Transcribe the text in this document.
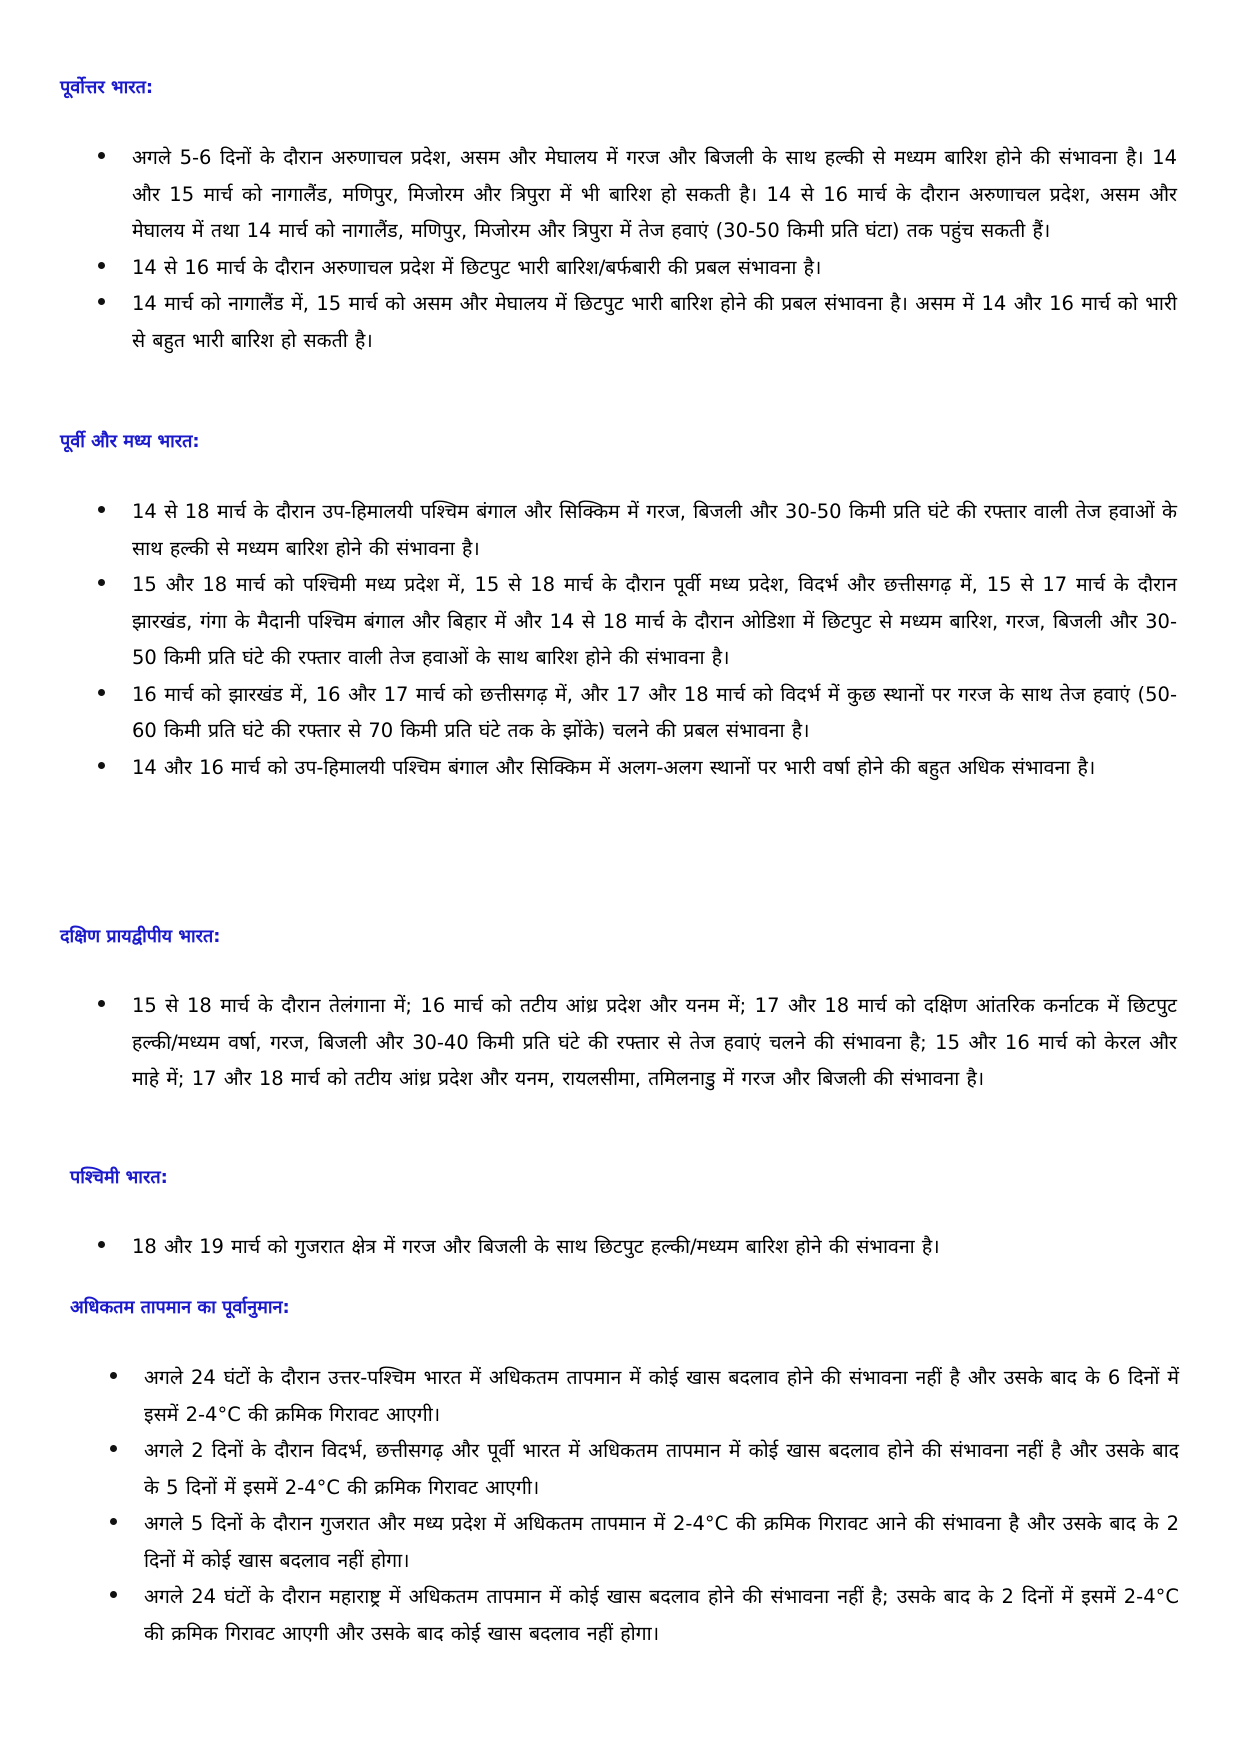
पूर्वोत्तर भारत:
अगले 5-6 दिनों के दौरान अरुणाचल प्रदेश, असम और मेघालय में गरज और बिजली के साथ हल्की से मध्यम बारिश होने की संभावना है। 14 और 15 मार्च को नागालैंड, मणिपुर, मिजोरम और त्रिपुरा में भी बारिश हो सकती है। 14 से 16 मार्च के दौरान अरुणाचल प्रदेश, असम और मेघालय में तथा 14 मार्च को नागालैंड, मणिपुर, मिजोरम और त्रिपुरा में तेज हवाएं (30-50 किमी प्रति घंटा) तक पहुंच सकती हैं।
14 से 16 मार्च के दौरान अरुणाचल प्रदेश में छिटपुट भारी बारिश/बर्फबारी की प्रबल संभावना है।
14 मार्च को नागालैंड में, 15 मार्च को असम और मेघालय में छिटपुट भारी बारिश होने की प्रबल संभावना है। असम में 14 और 16 मार्च को भारी से बहुत भारी बारिश हो सकती है।
पूर्वी और मध्य भारत:
14 से 18 मार्च के दौरान उप-हिमालयी पश्चिम बंगाल और सिक्किम में गरज, बिजली और 30-50 किमी प्रति घंटे की रफ्तार वाली तेज हवाओं के साथ हल्की से मध्यम बारिश होने की संभावना है।
15 और 18 मार्च को पश्चिमी मध्य प्रदेश में, 15 से 18 मार्च के दौरान पूर्वी मध्य प्रदेश, विदर्भ और छत्तीसगढ़ में, 15 से 17 मार्च के दौरान झारखंड, गंगा के मैदानी पश्चिम बंगाल और बिहार में और 14 से 18 मार्च के दौरान ओडिशा में छिटपुट से मध्यम बारिश, गरज, बिजली और 30-50 किमी प्रति घंटे की रफ्तार वाली तेज हवाओं के साथ बारिश होने की संभावना है।
16 मार्च को झारखंड में, 16 और 17 मार्च को छत्तीसगढ़ में, और 17 और 18 मार्च को विदर्भ में कुछ स्थानों पर गरज के साथ तेज हवाएं (50-60 किमी प्रति घंटे की रफ्तार से 70 किमी प्रति घंटे तक के झोंके) चलने की प्रबल संभावना है।
14 और 16 मार्च को उप-हिमालयी पश्चिम बंगाल और सिक्किम में अलग-अलग स्थानों पर भारी वर्षा होने की बहुत अधिक संभावना है।
दक्षिण प्रायद्वीपीय भारत:
15 से 18 मार्च के दौरान तेलंगाना में; 16 मार्च को तटीय आंध्र प्रदेश और यनम में; 17 और 18 मार्च को दक्षिण आंतरिक कर्नाटक में छिटपुट हल्की/मध्यम वर्षा, गरज, बिजली और 30-40 किमी प्रति घंटे की रफ्तार से तेज हवाएं चलने की संभावना है; 15 और 16 मार्च को केरल और माहे में; 17 और 18 मार्च को तटीय आंध्र प्रदेश और यनम, रायलसीमा, तमिलनाडु में गरज और बिजली की संभावना है।
पश्चिमी भारत:
18 और 19 मार्च को गुजरात क्षेत्र में गरज और बिजली के साथ छिटपुट हल्की/मध्यम बारिश होने की संभावना है।
अधिकतम तापमान का पूर्वानुमान:
अगले 24 घंटों के दौरान उत्तर-पश्चिम भारत में अधिकतम तापमान में कोई खास बदलाव होने की संभावना नहीं है और उसके बाद के 6 दिनों में इसमें 2-4°C की क्रमिक गिरावट आएगी।
अगले 2 दिनों के दौरान विदर्भ, छत्तीसगढ़ और पूर्वी भारत में अधिकतम तापमान में कोई खास बदलाव होने की संभावना नहीं है और उसके बाद के 5 दिनों में इसमें 2-4°C की क्रमिक गिरावट आएगी।
अगले 5 दिनों के दौरान गुजरात और मध्य प्रदेश में अधिकतम तापमान में 2-4°C की क्रमिक गिरावट आने की संभावना है और उसके बाद के 2 दिनों में कोई खास बदलाव नहीं होगा।
अगले 24 घंटों के दौरान महाराष्ट्र में अधिकतम तापमान में कोई खास बदलाव होने की संभावना नहीं है; उसके बाद के 2 दिनों में इसमें 2-4°C की क्रमिक गिरावट आएगी और उसके बाद कोई खास बदलाव नहीं होगा।
